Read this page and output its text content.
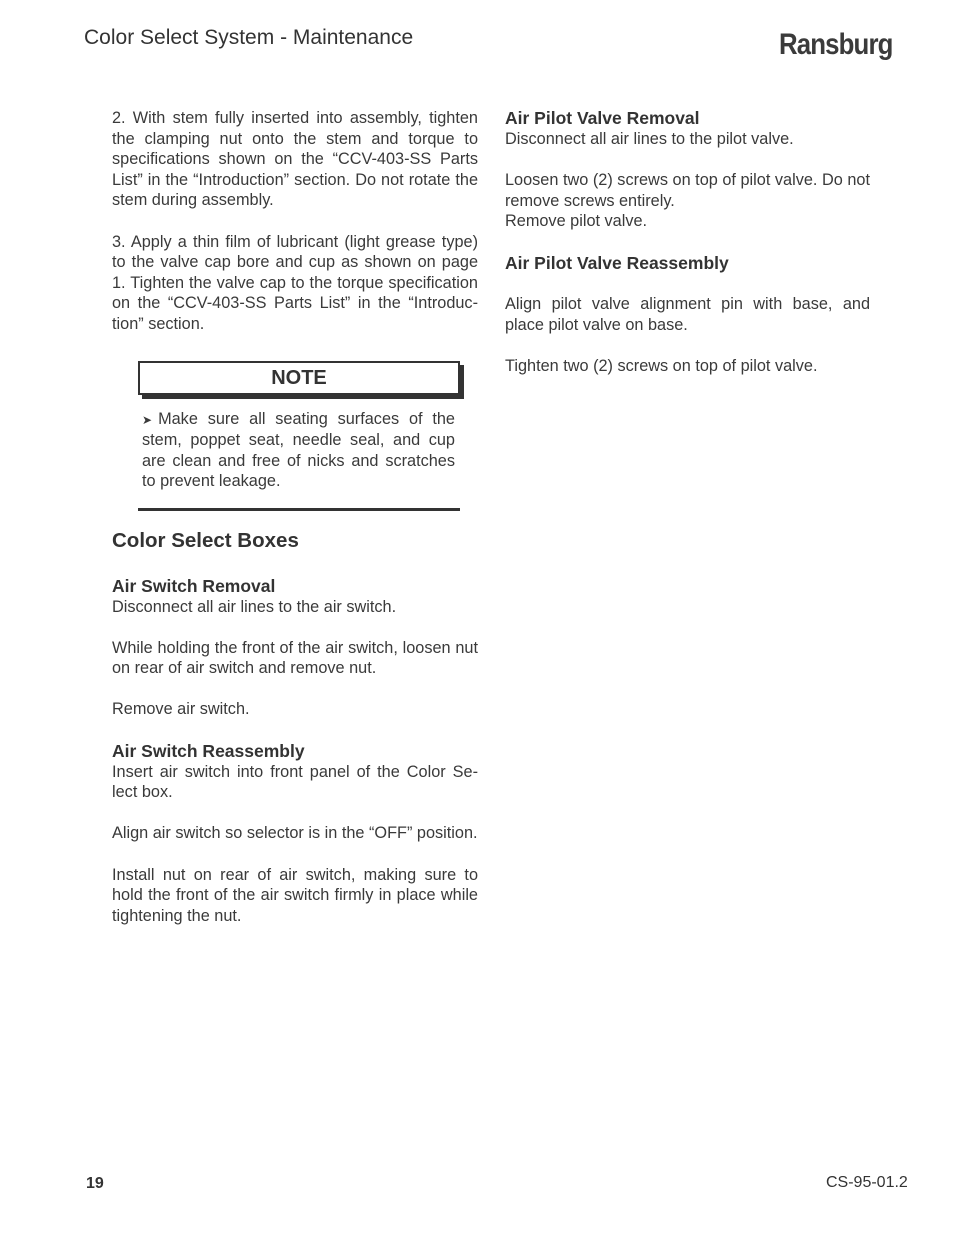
Color Select System - Maintenance	Ransburg

2. With stem fully inserted into assembly, tighten the clamping nut onto the stem and torque to specifications shown on the “CCV-403-SS Parts List” in the “Introduction” section. Do not rotate the stem during assembly.

3. Apply a thin film of lubricant (light grease type) to the valve cap bore and cup as shown on page 1. Tighten the valve cap to the torque specification on the “CCV-403-SS Parts List” in the “Introduc-tion” section.

NOTE
➤ Make sure all seating surfaces of the stem, poppet seat, needle seal, and cup are clean and free of nicks and scratches to prevent leakage.
Color Select Boxes
Air Switch Removal

Disconnect all air lines to the air switch.

While holding the front of the air switch, loosen nut on rear of air switch and remove nut.

Remove air switch.

Air Switch Reassembly

Insert air switch into front panel of the Color Se-lect box.

Align air switch so selector is in the “OFF” position.

Install nut on rear of air switch, making sure to hold the front of the air switch firmly in place while tightening the nut.

Air Pilot Valve Removal

Disconnect all air lines to the pilot valve.

Loosen two (2) screws on top of pilot valve. Do not remove screws entirely.

Remove pilot valve.

Air Pilot Valve Reassembly

Align pilot valve alignment pin with base, and place pilot valve on base.

Tighten two (2) screws on top of pilot valve.

19	CS-95-01.2
